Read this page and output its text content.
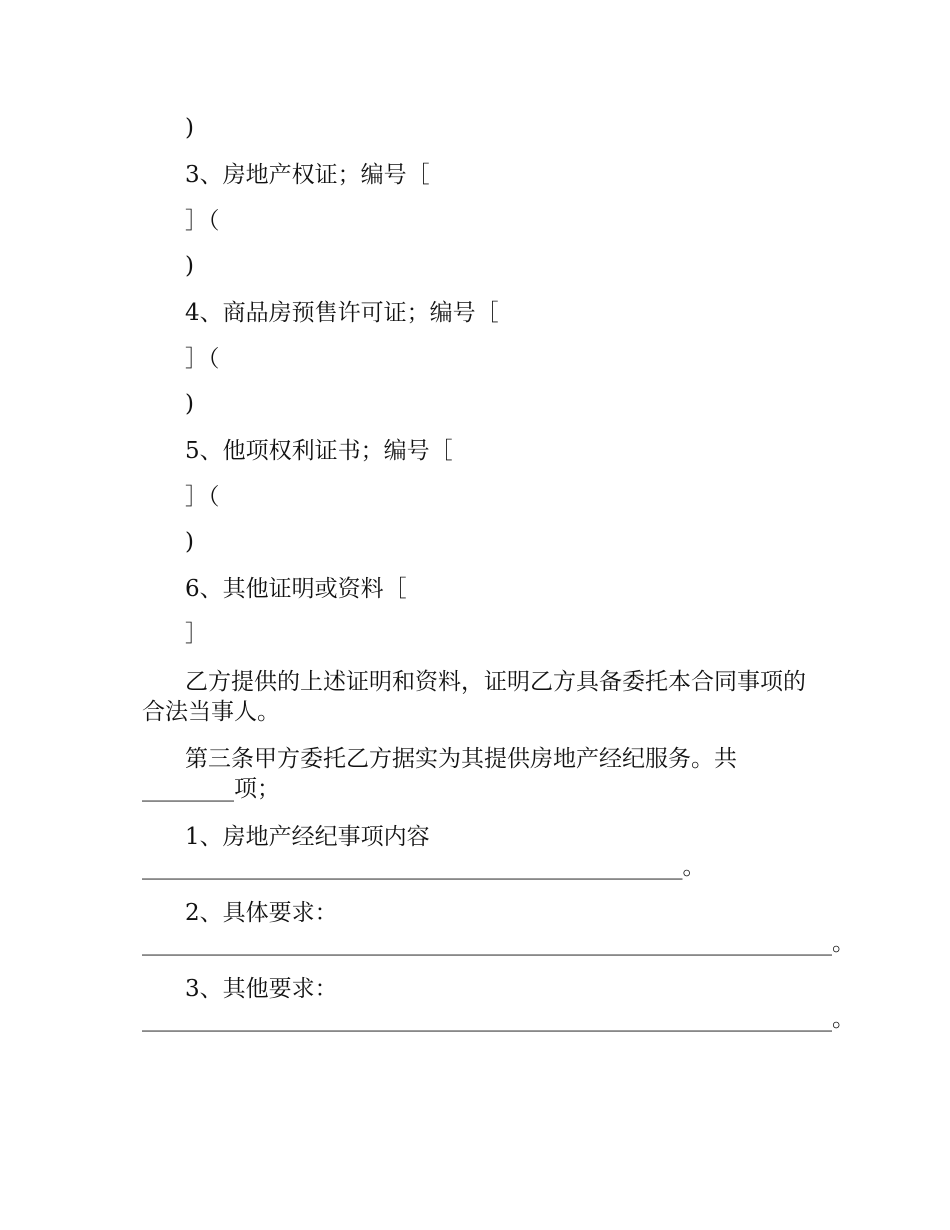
)
3、房地产权证；编号［
］（
)
4、商品房预售许可证；编号［
］（
)
5、他项权利证书；编号［
］（
)
6、其他证明或资料［
］
乙方提供的上述证明和资料，证明乙方具备委托本合同事项的合法当事人。
第三条甲方委托乙方据实为其提供房地产经纪服务。共________项；
1、房地产经纪事项内容_______________________________________________。
2、具体要求：____________________________________________________________。
3、其他要求：____________________________________________________________。
